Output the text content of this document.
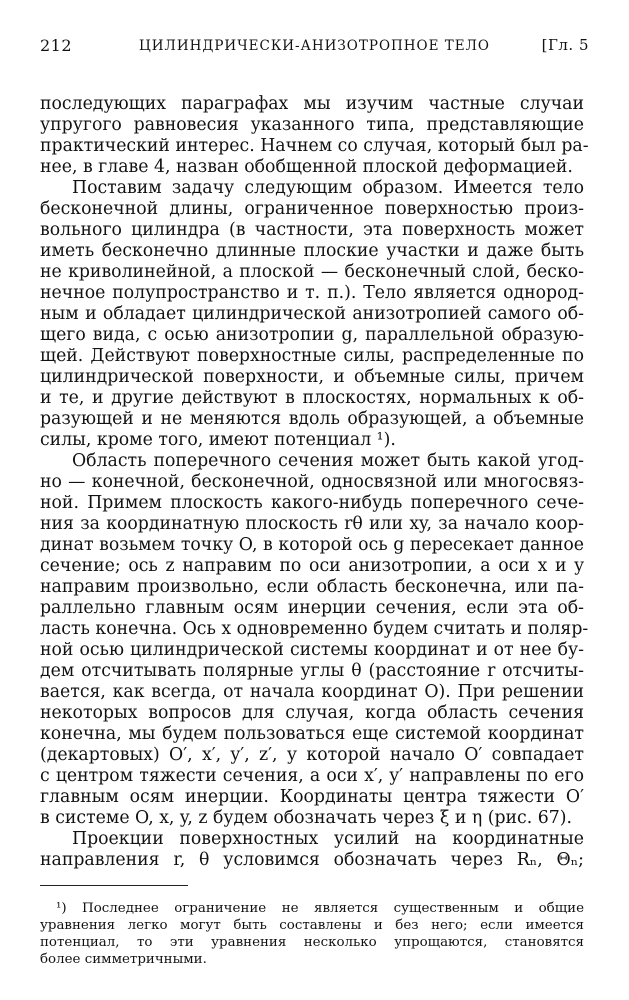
212	ЦИЛИНДРИЧЕСКИ-АНИЗОТРОПНОЕ ТЕЛО	[Гл. 5
последующих параграфах мы изучим частные случаи
упругого равновесия указанного типа, представляющие
практический интерес. Начнем со случая, который был ра-
нее, в главе 4, назван обобщенной плоской деформацией.
Поставим задачу следующим образом. Имеется тело
бесконечной длины, ограниченное поверхностью произ-
вольного цилиндра (в частности, эта поверхность может
иметь бесконечно длинные плоские участки и даже быть
не криволинейной, а плоской — бесконечный слой, беско-
нечное полупространство и т. п.). Тело является однород-
ным и обладает цилиндрической анизотропией самого об-
щего вида, с осью анизотропии g, параллельной образую-
щей. Действуют поверхностные силы, распределенные по
цилиндрической поверхности, и объемные силы, причем
и те, и другие действуют в плоскостях, нормальных к об-
разующей и не меняются вдоль образующей, а объемные
силы, кроме того, имеют потенциал ¹).
Область поперечного сечения может быть какой угод-
но — конечной, бесконечной, односвязной или многосвяз-
ной. Примем плоскость какого-нибудь поперечного сече-
ния за координатную плоскость rθ или xy, за начало коор-
динат возьмем точку O, в которой ось g пересекает данное
сечение; ось z направим по оси анизотропии, а оси x и y
направим произвольно, если область бесконечна, или па-
раллельно главным осям инерции сечения, если эта об-
ласть конечна. Ось x одновременно будем считать и поляр-
ной осью цилиндрической системы координат и от нее бу-
дем отсчитывать полярные углы θ (расстояние r отсчиты-
вается, как всегда, от начала координат O). При решении
некоторых вопросов для случая, когда область сечения
конечна, мы будем пользоваться еще системой координат
(декартовых) O′, x′, y′, z′, у которой начало O′ совпадает
с центром тяжести сечения, а оси x′, y′ направлены по его
главным осям инерции. Координаты центра тяжести O′
в системе O, x, y, z будем обозначать через ξ и η (рис. 67).
Проекции поверхностных усилий на координатные
направления r, θ условимся обозначать через Rₙ, Θₙ;
¹) Последнее ограничение не является существенным и общие
уравнения легко могут быть составлены и без него; если имеется
потенциал, то эти уравнения несколько упрощаются, становятся
более симметричными.
